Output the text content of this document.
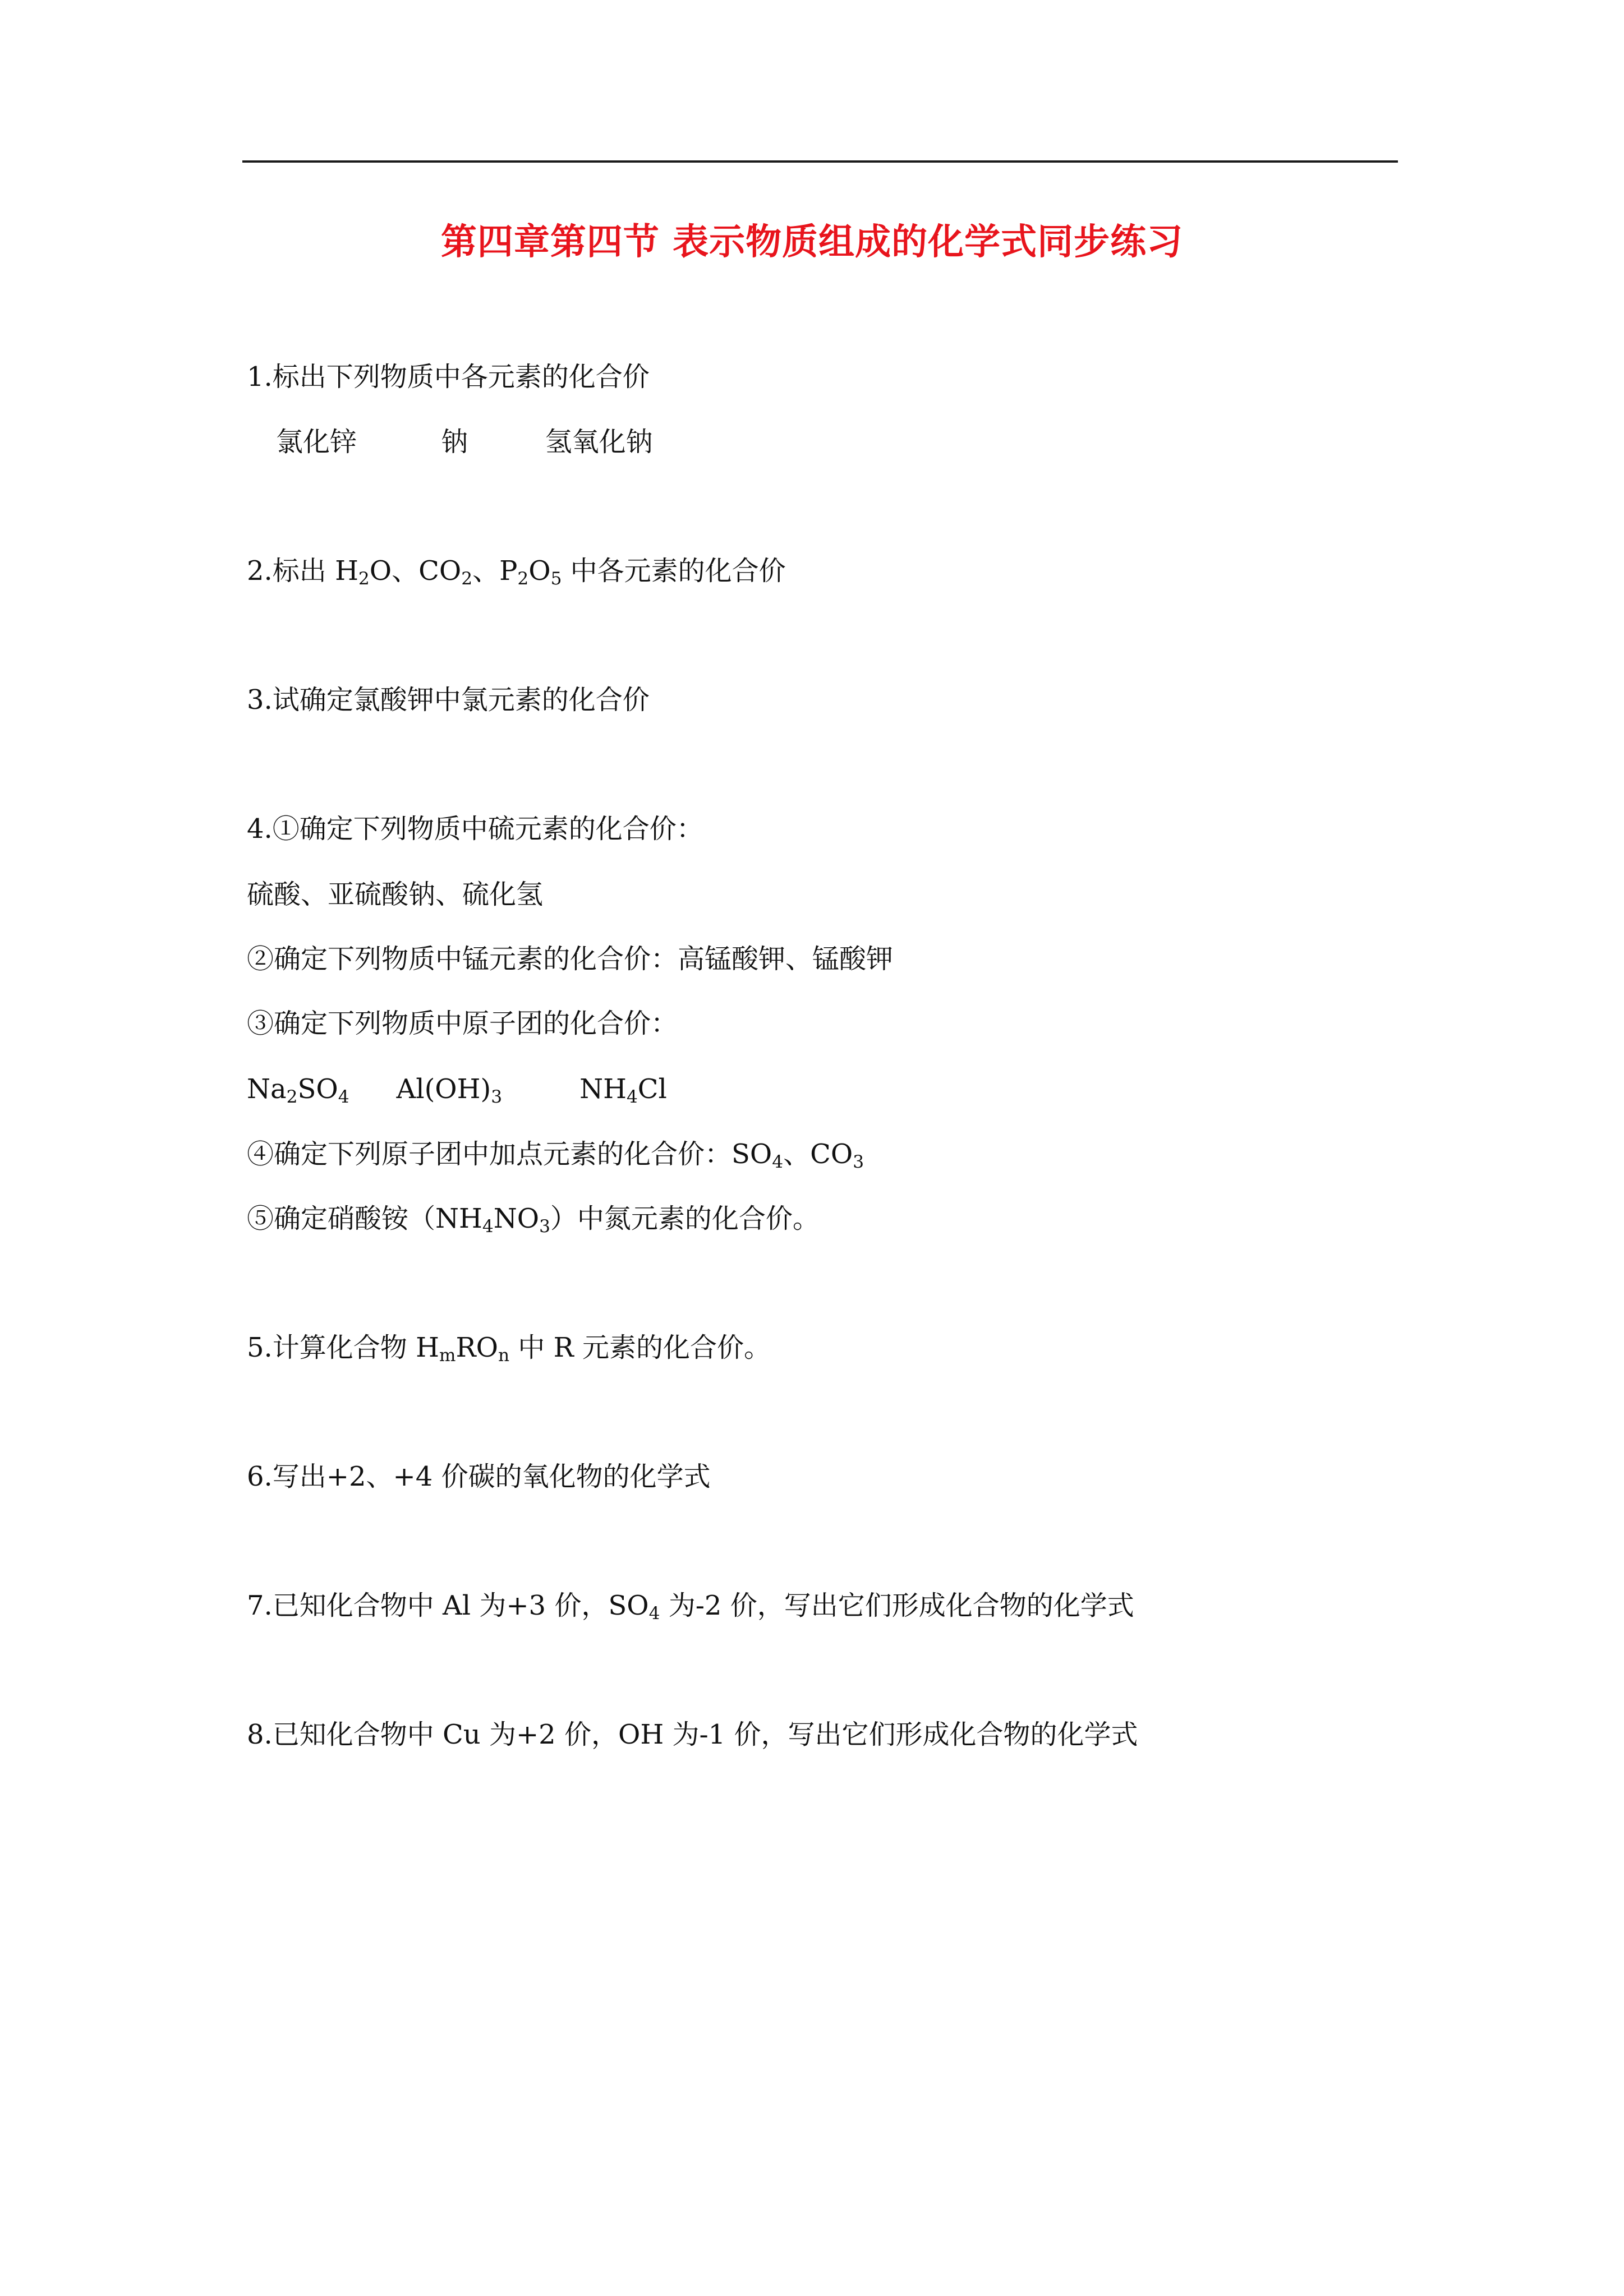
第四章第四节 表示物质组成的化学式同步练习
1.标出下列物质中各元素的化合价
氯化锌	钠	氢氧化钠
2.标出 $H_2O$、$CO_2$、$P_2O_5$ 中各元素的化合价
3.试确定氯酸钾中氯元素的化合价
4.①确定下列物质中硫元素的化合价：
硫酸、亚硫酸钠、硫化氢
②确定下列物质中锰元素的化合价：高锰酸钾、锰酸钾
③确定下列物质中原子团的化合价：
$Na_2SO_4$ $Al(OH)_3$	$NH_4Cl$
④确定下列原子团中加点元素的化合价：$SO_4$、$CO_3$
⑤确定硝酸铵$(NH_4NO_3)$中氮元素的化合价。
5.计算化合物 $H_mRO_n$ 中 R 元素的化合价。
6.写出+2、+4 价碳的氧化物的化学式
7.已知化合物中 Al 为+3 价，$SO_4$ 为-2 价，写出它们形成化合物的化学式
8.已知化合物中 Cu 为+2 价，OH 为-1 价，写出它们形成化合物的化学式
